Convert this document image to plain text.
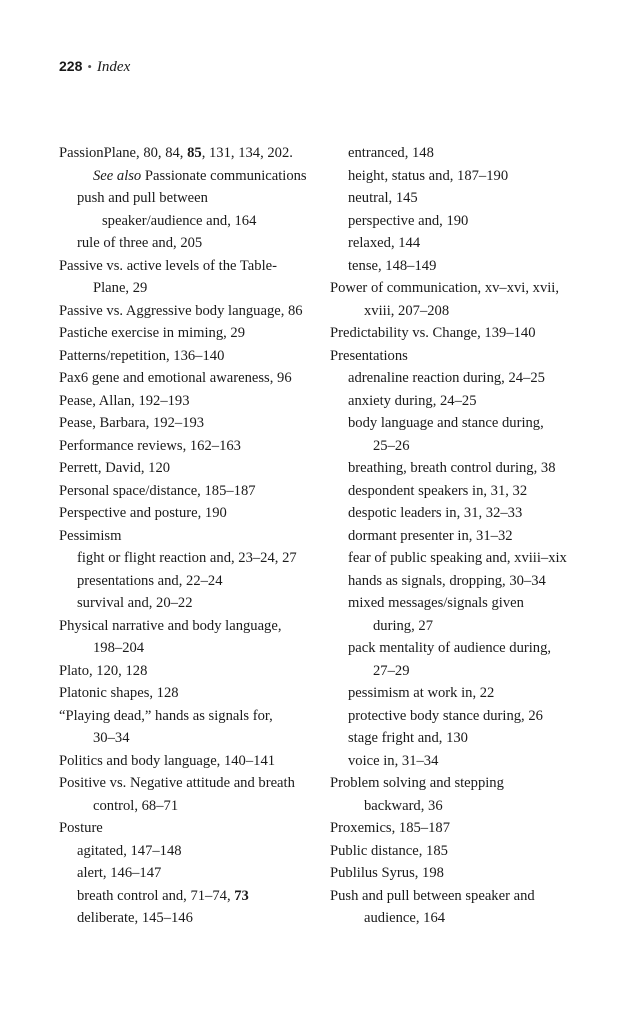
228 • Index
PassionPlane, 80, 84, 85, 131, 134, 202.
See also Passionate communications
push and pull between
speaker/audience and, 164
rule of three and, 205
Passive vs. active levels of the Table-
Plane, 29
Passive vs. Aggressive body language, 86
Pastiche exercise in miming, 29
Patterns/repetition, 136–140
Pax6 gene and emotional awareness, 96
Pease, Allan, 192–193
Pease, Barbara, 192–193
Performance reviews, 162–163
Perrett, David, 120
Personal space/distance, 185–187
Perspective and posture, 190
Pessimism
fight or flight reaction and, 23–24, 27
presentations and, 22–24
survival and, 20–22
Physical narrative and body language,
198–204
Plato, 120, 128
Platonic shapes, 128
“Playing dead,” hands as signals for,
30–34
Politics and body language, 140–141
Positive vs. Negative attitude and breath
control, 68–71
Posture
agitated, 147–148
alert, 146–147
breath control and, 71–74, 73
deliberate, 145–146
entranced, 148
height, status and, 187–190
neutral, 145
perspective and, 190
relaxed, 144
tense, 148–149
Power of communication, xv–xvi, xvii,
xviii, 207–208
Predictability vs. Change, 139–140
Presentations
adrenaline reaction during, 24–25
anxiety during, 24–25
body language and stance during,
25–26
breathing, breath control during, 38
despondent speakers in, 31, 32
despotic leaders in, 31, 32–33
dormant presenter in, 31–32
fear of public speaking and, xviii–xix
hands as signals, dropping, 30–34
mixed messages/signals given
during, 27
pack mentality of audience during,
27–29
pessimism at work in, 22
protective body stance during, 26
stage fright and, 130
voice in, 31–34
Problem solving and stepping
backward, 36
Proxemics, 185–187
Public distance, 185
Publilus Syrus, 198
Push and pull between speaker and
audience, 164
